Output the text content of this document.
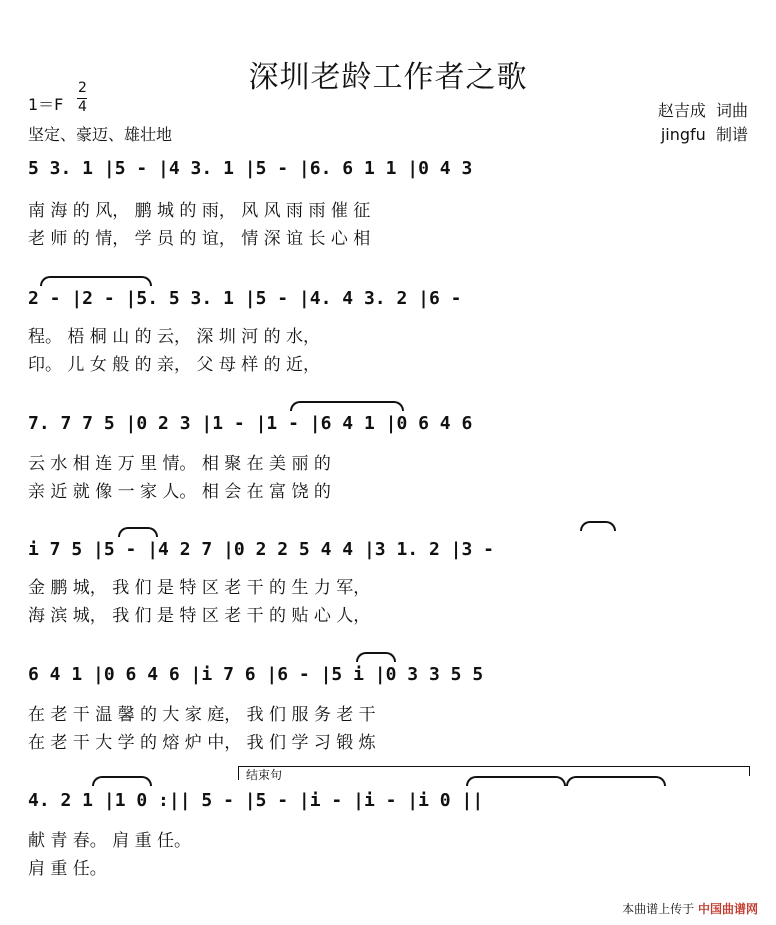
深圳老龄工作者之歌
1＝F
2
4
坚定、豪迈、雄壮地
赵吉成  词曲
jingfu  制谱
5 3. 1 |5 - |4 3. 1 |5 - |6. 6 1 1 |0 4 3
南 海 的 风， 鹏 城 的 雨， 风 风 雨 雨 催 征
老 师 的 情， 学 员 的 谊， 情 深 谊 长 心 相
2 - |2 - |5. 5 3. 1 |5 - |4. 4 3. 2 |6 -
程。 梧 桐 山 的 云， 深 圳 河 的 水，
印。 儿 女 般 的 亲， 父 母 样 的 近，
7. 7 7 5 |0 2 3 |1 - |1 - |6 4 1 |0 6 4 6
云 水 相 连 万 里 情。 相 聚 在 美 丽 的
亲 近 就 像 一 家 人。 相 会 在 富 饶 的
i 7 5 |5 - |4 2 7 |0 2 2 5 4 4 |3 1. 2 |3 -
金 鹏 城， 我 们 是 特 区 老 干 的 生 力 军，
海 滨 城， 我 们 是 特 区 老 干 的 贴 心 人，
6 4 1 |0 6 4 6 |i 7 6 |6 - |5 i |0 3 3 5 5
在 老 干 温 馨 的 大 家 庭， 我 们 服 务 老 干
在 老 干 大 学 的 熔 炉 中， 我 们 学 习 锻 炼
结束句
4. 2 1 |1 0 :|| 5 - |5 - |i - |i - |i 0 ||
献 青 春。 肩 重 任。
肩 重 任。
本曲谱上传于 中国曲谱网
